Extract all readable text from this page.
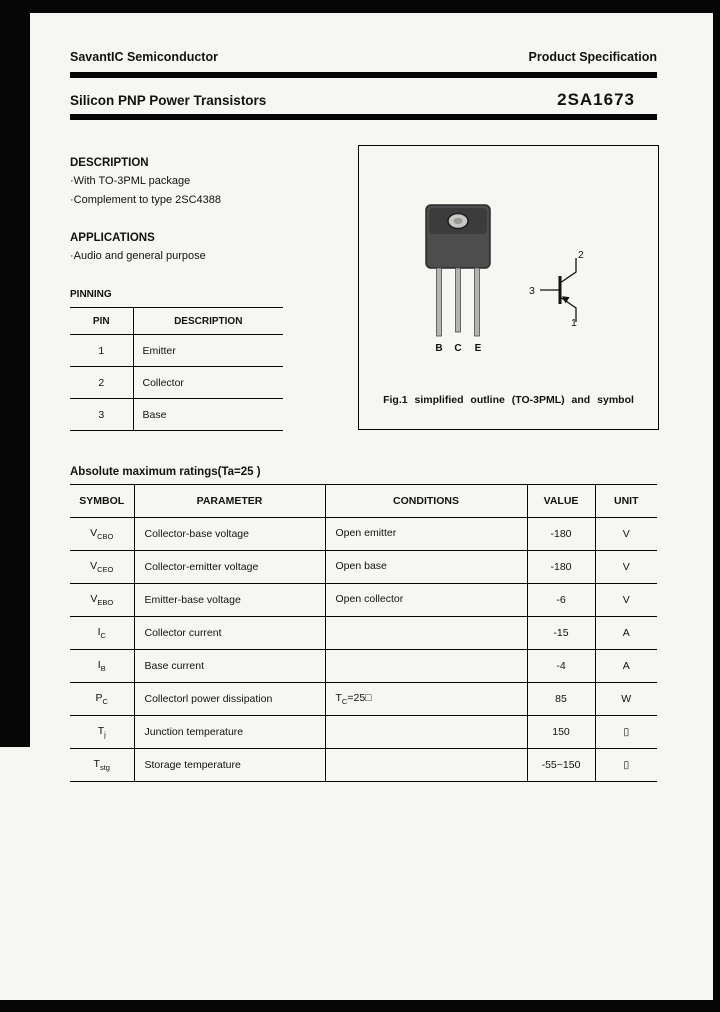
SavantIC Semiconductor	Product Specification
Silicon PNP Power Transistors	2SA1673
DESCRIPTION
·With TO-3PML package
·Complement to type 2SC4388
APPLICATIONS
·Audio and general purpose
PINNING
PIN	DESCRIPTION
1	Emitter
2	Collector
3	Base
B C E
2
3
1
Fig.1 simplified outline (TO-3PML) and symbol
Absolute maximum ratings(Ta=25 )
SYMBOL	PARAMETER	CONDITIONS	VALUE	UNIT
$V_{CBO}$	Collector-base voltage	Open emitter	-180	V
$V_{CEO}$	Collector-emitter voltage	Open base	-180	V
$V_{EBO}$	Emitter-base voltage	Open collector	-6	V
$I_C$	Collector current		-15	A
$I_B$	Base current		-4	A
$P_C$	Collectorl power dissipation	$T_C=25□$	85	W
$T_j$	Junction temperature		150	▯
$T_{stg}$	Storage temperature		-55~150	▯
